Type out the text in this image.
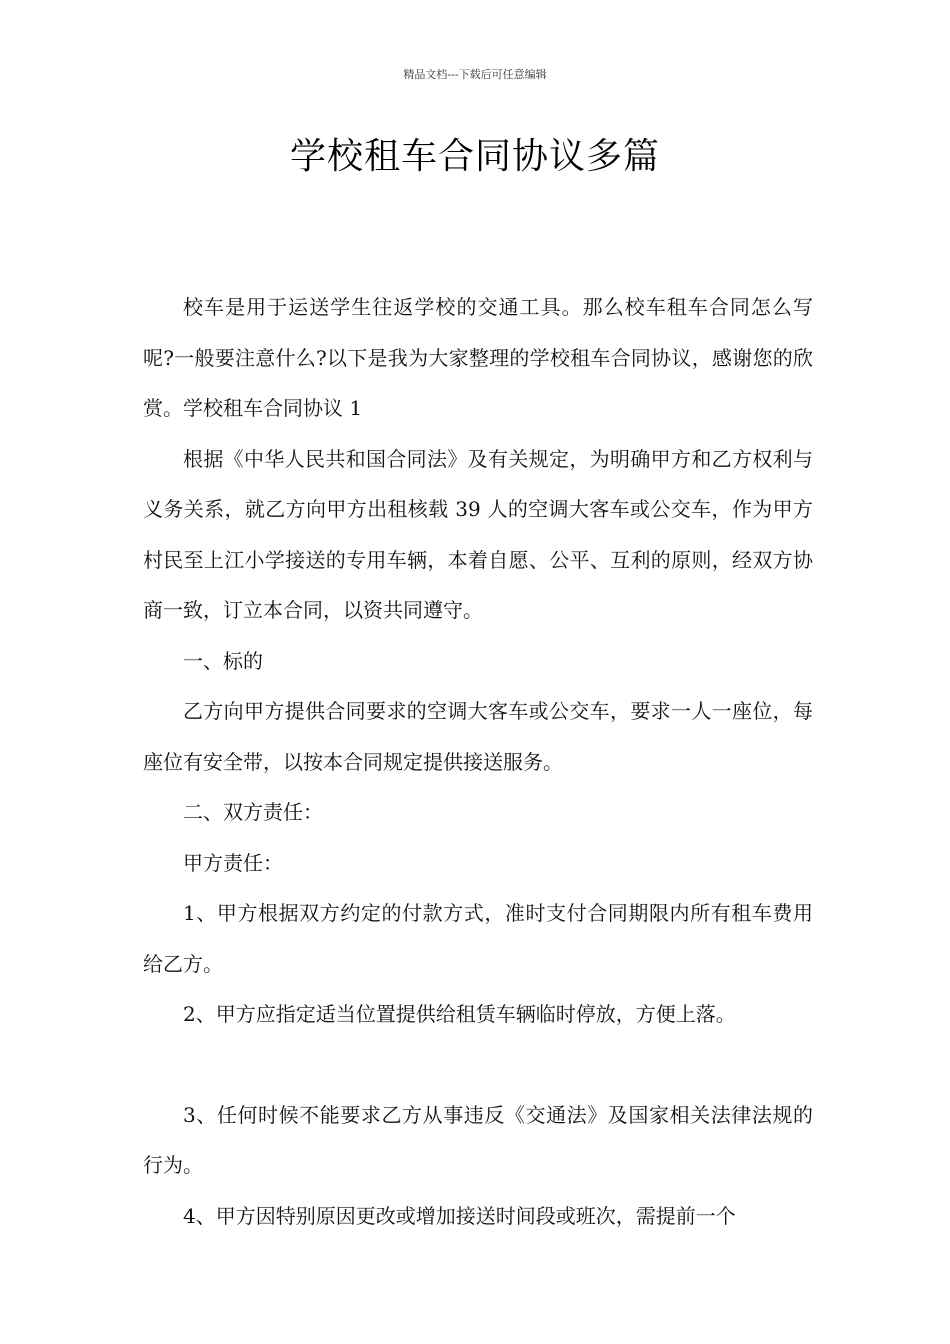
精品文档---下载后可任意编辑
学校租车合同协议多篇

校车是用于运送学生往返学校的交通工具。那么校车租车合同怎么写呢?一般要注意什么?以下是我为大家整理的学校租车合同协议，感谢您的欣赏。学校租车合同协议 1

根据《中华人民共和国合同法》及有关规定，为明确甲方和乙方权利与义务关系，就乙方向甲方出租核载 39 人的空调大客车或公交车，作为甲方村民至上江小学接送的专用车辆，本着自愿、公平、互利的原则，经双方协商一致，订立本合同，以资共同遵守。

一、标的

乙方向甲方提供合同要求的空调大客车或公交车，要求一人一座位，每座位有安全带，以按本合同规定提供接送服务。

二、双方责任：

甲方责任：

1、甲方根据双方约定的付款方式，准时支付合同期限内所有租车费用给乙方。

2、甲方应指定适当位置提供给租赁车辆临时停放，方便上落。

3、任何时候不能要求乙方从事违反《交通法》及国家相关法律法规的行为。

4、甲方因特别原因更改或增加接送时间段或班次，需提前一个
